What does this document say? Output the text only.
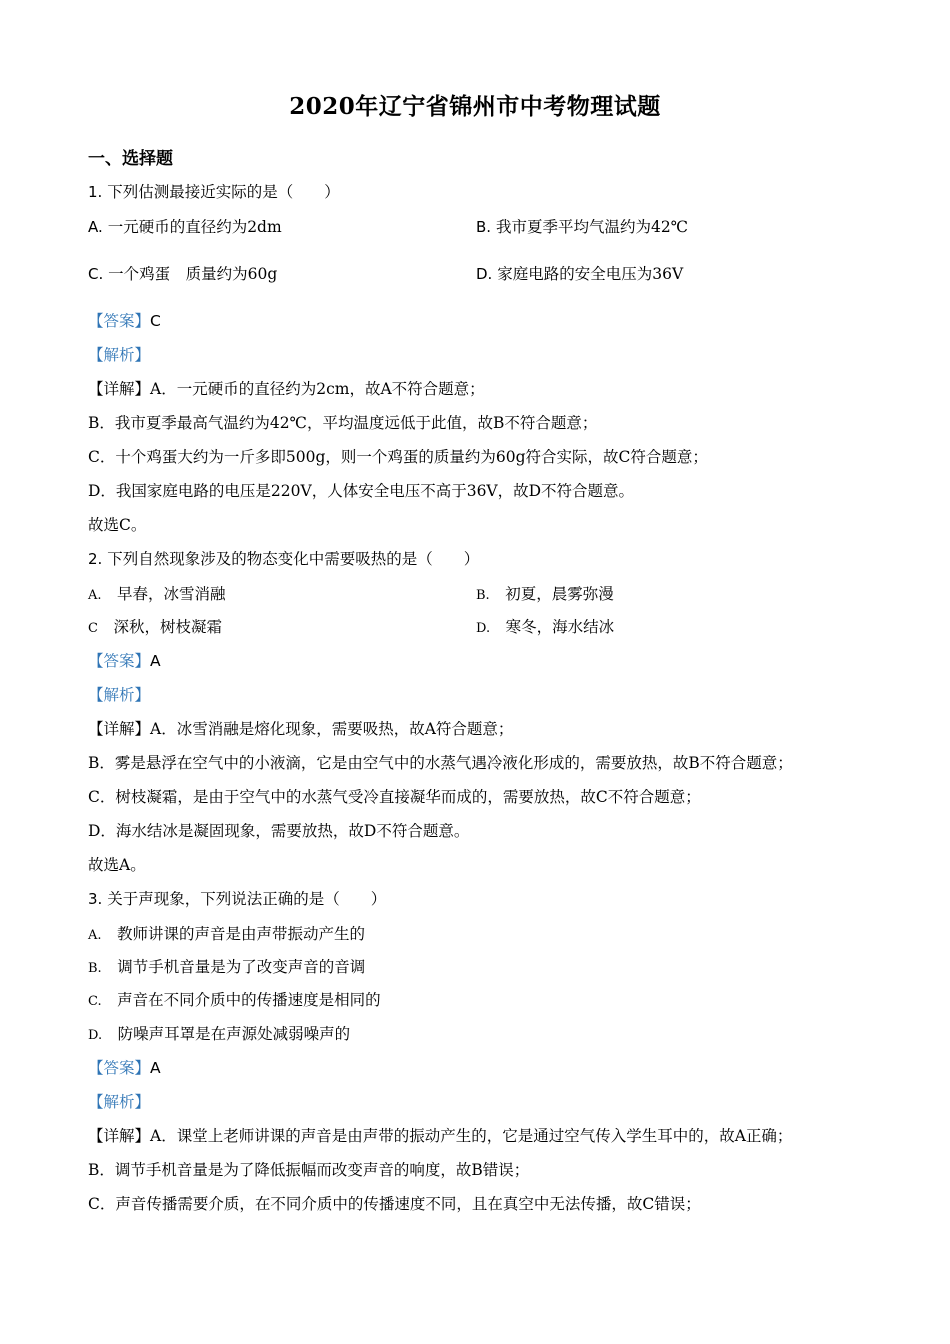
2020年辽宁省锦州市中考物理试题
一、选择题
1. 下列估测最接近实际的是（　　）
A. 一元硬币的直径约为2dm	B. 我市夏季平均气温约为42℃
C. 一个鸡蛋　质量约为60g	D. 家庭电路的安全电压为36V
【答案】C
【解析】
【详解】A．一元硬币的直径约为2cm，故A不符合题意；
B．我市夏季最高气温约为42℃，平均温度远低于此值，故B不符合题意；
C．十个鸡蛋大约为一斤多即500g，则一个鸡蛋的质量约为60g符合实际，故C符合题意；
D．我国家庭电路的电压是220V，人体安全电压不高于36V，故D不符合题意。
故选C。
2. 下列自然现象涉及的物态变化中需要吸热的是（　　）
A.　早春，冰雪消融	B.　初夏，晨雾弥漫
C　深秋，树枝凝霜	D.　寒冬，海水结冰
【答案】A
【解析】
【详解】A．冰雪消融是熔化现象，需要吸热，故A符合题意；
B．雾是悬浮在空气中的小液滴，它是由空气中的水蒸气遇冷液化形成的，需要放热，故B不符合题意；
C．树枝凝霜，是由于空气中的水蒸气受冷直接凝华而成的，需要放热，故C不符合题意；
D．海水结冰是凝固现象，需要放热，故D不符合题意。
故选A。
3. 关于声现象，下列说法正确的是（　　）
A.　教师讲课的声音是由声带振动产生的
B.　调节手机音量是为了改变声音的音调
C.　声音在不同介质中的传播速度是相同的
D.　防噪声耳罩是在声源处减弱噪声的
【答案】A
【解析】
【详解】A．课堂上老师讲课的声音是由声带的振动产生的，它是通过空气传入学生耳中的，故A正确；
B．调节手机音量是为了降低振幅而改变声音的响度，故B错误；
C．声音传播需要介质，在不同介质中的传播速度不同，且在真空中无法传播，故C错误；
